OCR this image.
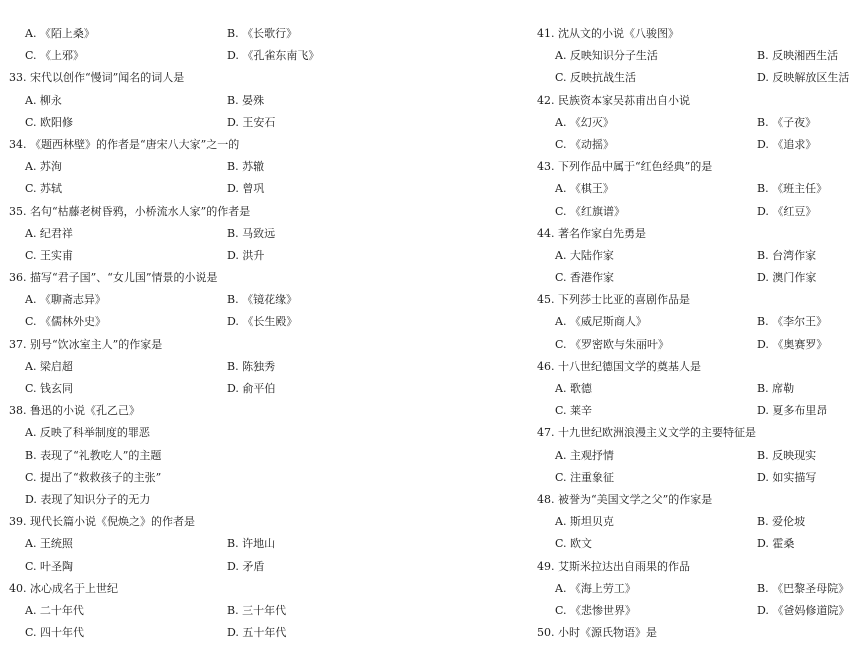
A. 《陌上桑》	B. 《长歌行》
C. 《上邪》	D. 《孔雀东南飞》
33. 宋代以创作“慢词”闻名的词人是
A. 柳永	B. 晏殊
C. 欧阳修	D. 王安石
34. 《题西林壁》的作者是“唐宋八大家”之一的
A. 苏洵	B. 苏辙
C. 苏轼	D. 曾巩
35. 名句“枯藤老树昏鸦，小桥流水人家”的作者是
A. 纪君祥	B. 马致远
C. 王实甫	D. 洪升
36. 描写“君子国”、“女儿国”情景的小说是
A. 《聊斋志异》	B. 《镜花缘》
C. 《儒林外史》	D. 《长生殿》
37. 别号“饮冰室主人”的作家是
A. 梁启超	B. 陈独秀
C. 钱玄同	D. 俞平伯
38. 鲁迅的小说《孔乙己》
A. 反映了科举制度的罪恶
B. 表现了“礼教吃人”的主题
C. 提出了“救救孩子的主张”
D. 表现了知识分子的无力
39. 现代长篇小说《倪焕之》的作者是
A. 王统照	B. 许地山
C. 叶圣陶	D. 矛盾
40. 冰心成名于上世纪
A. 二十年代	B. 三十年代
C. 四十年代	D. 五十年代
41. 沈从文的小说《八骏图》
A. 反映知识分子生活	B. 反映湘西生活
C. 反映抗战生活	D. 反映解放区生活
42. 民族资本家吴荪甫出自小说
A. 《幻灭》	B. 《子夜》
C. 《动摇》	D. 《追求》
43. 下列作品中属于“红色经典”的是
A. 《棋王》	B. 《班主任》
C. 《红旗谱》	D. 《红豆》
44. 著名作家白先勇是
A. 大陆作家	B. 台湾作家
C. 香港作家	D. 澳门作家
45. 下列莎士比亚的喜剧作品是
A. 《威尼斯商人》	B. 《李尔王》
C. 《罗密欧与朱丽叶》	D. 《奥赛罗》
46. 十八世纪德国文学的奠基人是
A. 歌德	B. 席勒
C. 莱辛	D. 夏多布里昂
47. 十九世纪欧洲浪漫主义文学的主要特征是
A. 主观抒情	B. 反映现实
C. 注重象征	D. 如实描写
48. 被誉为“美国文学之父”的作家是
A. 斯坦贝克	B. 爱伦坡
C. 欧文	D. 霍桑
49. 艾斯米拉达出自雨果的作品
A. 《海上劳工》	B. 《巴黎圣母院》
C. 《悲惨世界》	D. 《爸妈修道院》
50. 小时《源氏物语》是
